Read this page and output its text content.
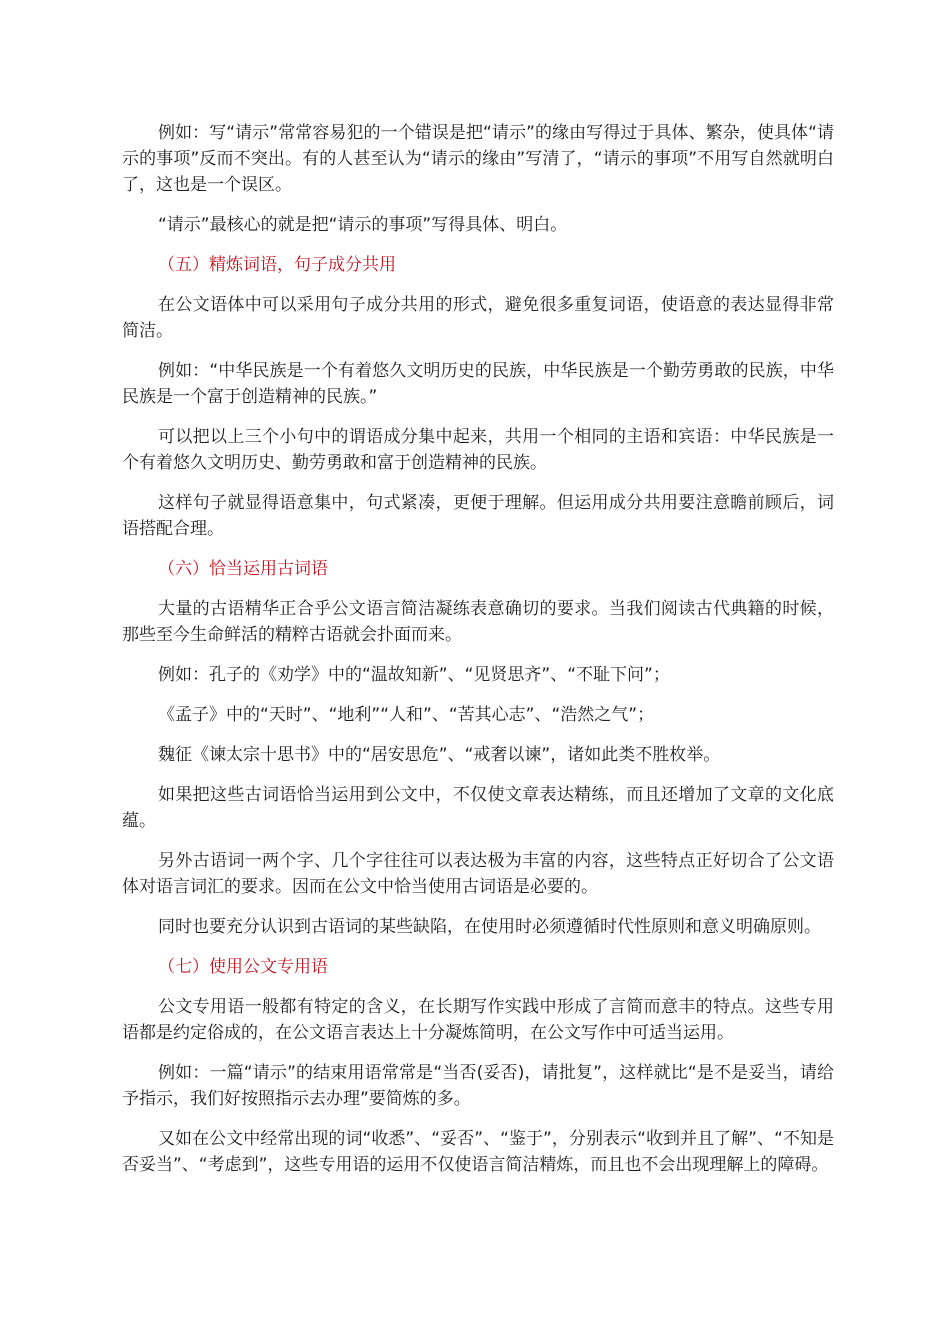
例如：写“请示”常常容易犯的一个错误是把“请示”的缘由写得过于具体、繁杂，使具体“请示的事项”反而不突出。有的人甚至认为“请示的缘由”写清了，“请示的事项”不用写自然就明白了，这也是一个误区。

“请示”最核心的就是把“请示的事项”写得具体、明白。

（五）精炼词语，句子成分共用

在公文语体中可以采用句子成分共用的形式，避免很多重复词语，使语意的表达显得非常简洁。

例如：“中华民族是一个有着悠久文明历史的民族，中华民族是一个勤劳勇敢的民族，中华民族是一个富于创造精神的民族。”

可以把以上三个小句中的谓语成分集中起来，共用一个相同的主语和宾语：中华民族是一个有着悠久文明历史、勤劳勇敢和富于创造精神的民族。

这样句子就显得语意集中，句式紧凑，更便于理解。但运用成分共用要注意瞻前顾后，词语搭配合理。

（六）恰当运用古词语

大量的古语精华正合乎公文语言简洁凝练表意确切的要求。当我们阅读古代典籍的时候，那些至今生命鲜活的精粹古语就会扑面而来。

例如：孔子的《劝学》中的“温故知新”、“见贤思齐”、“不耻下问”；

《孟子》中的“天时”、“地利”“人和”、“苦其心志”、“浩然之气”；

魏征《谏太宗十思书》中的“居安思危”、“戒奢以谏”，诸如此类不胜枚举。

如果把这些古词语恰当运用到公文中，不仅使文章表达精练，而且还增加了文章的文化底蕴。

另外古语词一两个字、几个字往往可以表达极为丰富的内容，这些特点正好切合了公文语体对语言词汇的要求。因而在公文中恰当使用古词语是必要的。

同时也要充分认识到古语词的某些缺陷，在使用时必须遵循时代性原则和意义明确原则。

（七）使用公文专用语

公文专用语一般都有特定的含义，在长期写作实践中形成了言简而意丰的特点。这些专用语都是约定俗成的，在公文语言表达上十分凝炼简明，在公文写作中可适当运用。

例如：一篇“请示”的结束用语常常是“当否(妥否)，请批复”，这样就比“是不是妥当，请给予指示，我们好按照指示去办理”要简炼的多。

又如在公文中经常出现的词“收悉”、“妥否”、“鉴于”，分别表示“收到并且了解”、“不知是否妥当”、“考虑到”，这些专用语的运用不仅使语言简洁精炼，而且也不会出现理解上的障碍。
